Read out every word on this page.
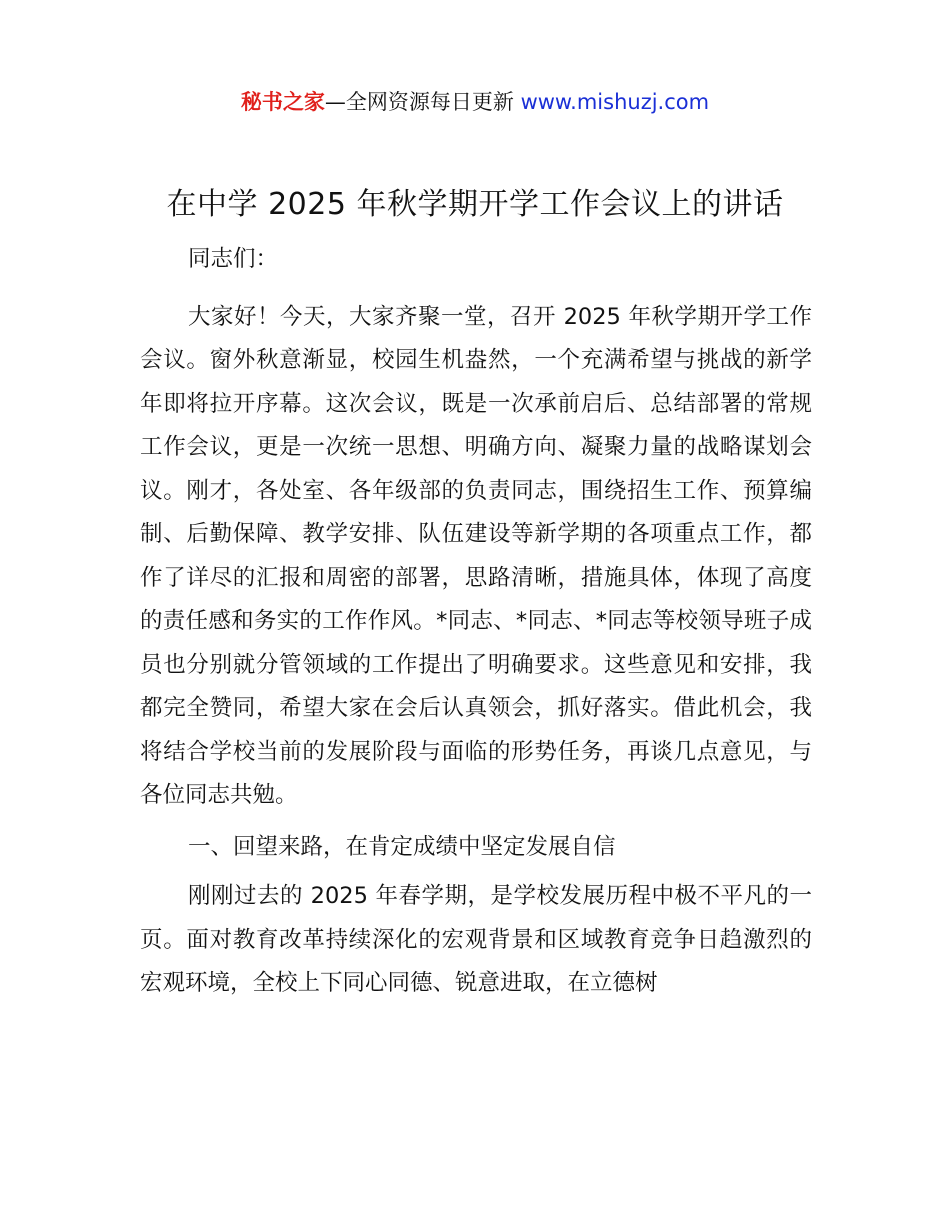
秘书之家—全网资源每日更新 www.mishuzj.com
在中学 2025 年秋学期开学工作会议上的讲话

同志们：

大家好！今天，大家齐聚一堂，召开 2025 年秋学期开学工作会议。窗外秋意渐显，校园生机盎然，一个充满希望与挑战的新学年即将拉开序幕。这次会议，既是一次承前启后、总结部署的常规工作会议，更是一次统一思想、明确方向、凝聚力量的战略谋划会议。刚才，各处室、各年级部的负责同志，围绕招生工作、预算编制、后勤保障、教学安排、队伍建设等新学期的各项重点工作，都作了详尽的汇报和周密的部署，思路清晰，措施具体，体现了高度的责任感和务实的工作作风。*同志、*同志、*同志等校领导班子成员也分别就分管领域的工作提出了明确要求。这些意见和安排，我都完全赞同，希望大家在会后认真领会，抓好落实。借此机会，我将结合学校当前的发展阶段与面临的形势任务，再谈几点意见，与各位同志共勉。

一、回望来路，在肯定成绩中坚定发展自信

刚刚过去的 2025 年春学期，是学校发展历程中极不平凡的一页。面对教育改革持续深化的宏观背景和区域教育竞争日趋激烈的宏观环境，全校上下同心同德、锐意进取，在立德树
